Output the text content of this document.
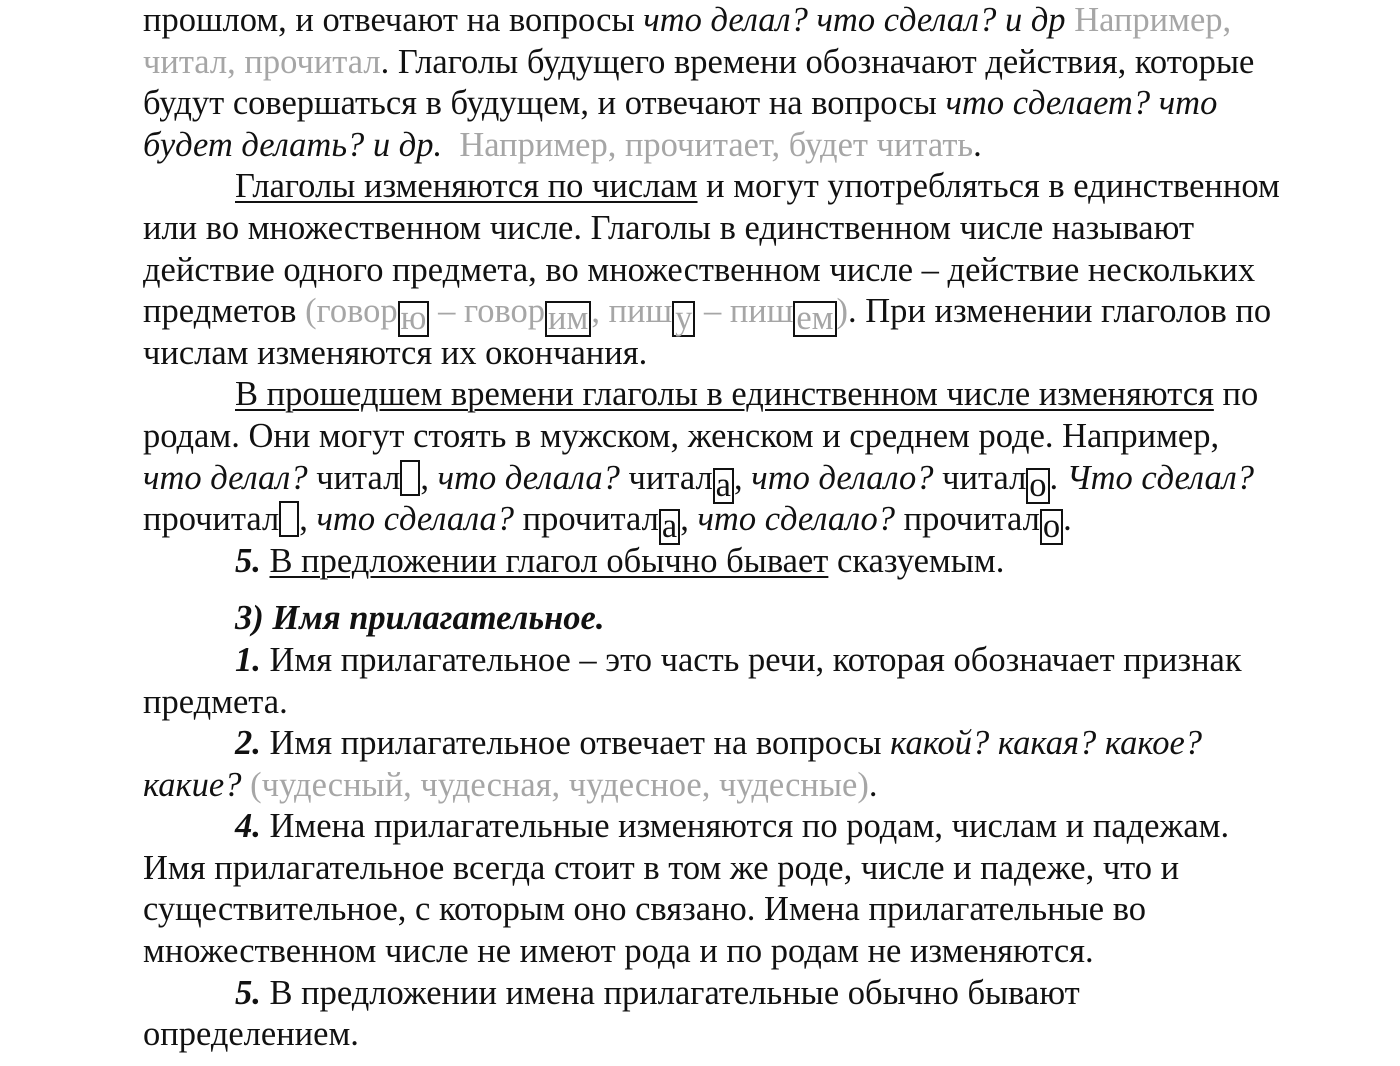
прошлом, и отвечают на вопросы что делал? что сделал? и др Например,
читал, прочитал. Глаголы будущего времени обозначают действия, которые
будут совершаться в будущем, и отвечают на вопросы что сделает? что
будет делать? и др. Например, прочитает, будет читать.
Глаголы изменяются по числам и могут употребляться в единственном
или во множественном числе. Глаголы в единственном числе называют
действие одного предмета, во множественном числе – действие нескольких
предметов (говорю – говорим, пишу – пишем). При изменении глаголов по
числам изменяются их окончания.
В прошедшем времени глаголы в единственном числе изменяются по
родам. Они могут стоять в мужском, женском и среднем роде. Например,
что делал? читал , что делала? читала, что делало? читало. Что сделал?
прочитал , что сделала? прочитала, что сделало? прочитало.
5. В предложении глагол обычно бывает сказуемым.
3) Имя прилагательное.
1. Имя прилагательное – это часть речи, которая обозначает признак
предмета.
2. Имя прилагательное отвечает на вопросы какой? какая? какое?
какие? (чудесный, чудесная, чудесное, чудесные).
4. Имена прилагательные изменяются по родам, числам и падежам.
Имя прилагательное всегда стоит в том же роде, числе и падеже, что и
существительное, с которым оно связано. Имена прилагательные во
множественном числе не имеют рода и по родам не изменяются.
5. В предложении имена прилагательные обычно бывают
определением.
